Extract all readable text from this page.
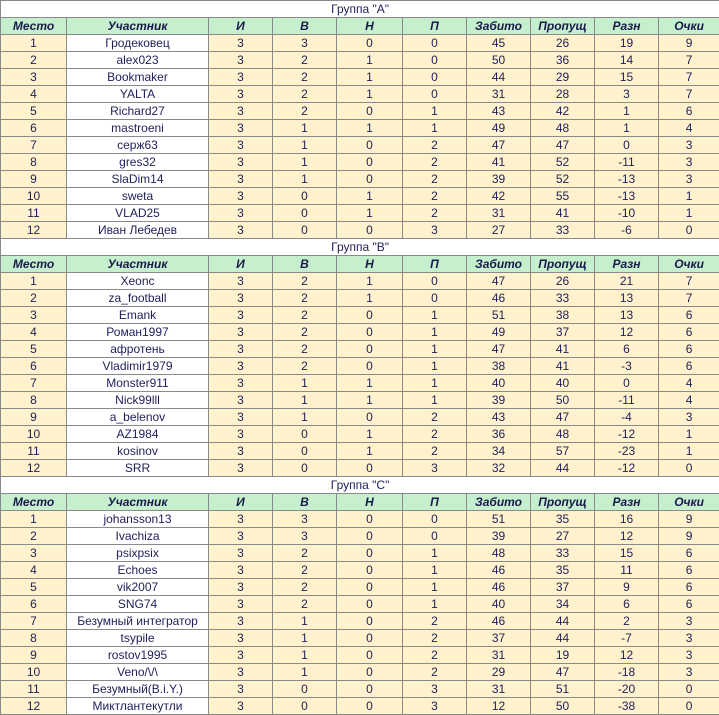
Группа "A"									
Место	Участник	И	В	Н	П	Забито	Пропущ	Разн	Очки
1	Гродековец	3	3	0	0	45	26	19	9
2	alex023	3	2	1	0	50	36	14	7
3	Bookmaker	3	2	1	0	44	29	15	7
4	YALTA	3	2	1	0	31	28	3	7
5	Richard27	3	2	0	1	43	42	1	6
6	mastroeni	3	1	1	1	49	48	1	4
7	серж63	3	1	0	2	47	47	0	3
8	gres32	3	1	0	2	41	52	-11	3
9	SlaDim14	3	1	0	2	39	52	-13	3
10	sweta	3	0	1	2	42	55	-13	1
11	VLAD25	3	0	1	2	31	41	-10	1
12	Иван Лебедев	3	0	0	3	27	33	-6	0
Группа "B"									
Место	Участник	И	В	Н	П	Забито	Пропущ	Разн	Очки
1	Xeonc	3	2	1	0	47	26	21	7
2	za_football	3	2	1	0	46	33	13	7
3	Emank	3	2	0	1	51	38	13	6
4	Роман1997	3	2	0	1	49	37	12	6
5	афротень	3	2	0	1	47	41	6	6
6	Vladimir1979	3	2	0	1	38	41	-3	6
7	Monster911	3	1	1	1	40	40	0	4
8	Nick99lll	3	1	1	1	39	50	-11	4
9	a_belenov	3	1	0	2	43	47	-4	3
10	AZ1984	3	0	1	2	36	48	-12	1
11	kosinov	3	0	1	2	34	57	-23	1
12	SRR	3	0	0	3	32	44	-12	0
Группа "C"									
Место	Участник	И	В	Н	П	Забито	Пропущ	Разн	Очки
1	johansson13	3	3	0	0	51	35	16	9
2	Ivachiza	3	3	0	0	39	27	12	9
3	psixpsix	3	2	0	1	48	33	15	6
4	Echoes	3	2	0	1	46	35	11	6
5	vik2007	3	2	0	1	46	37	9	6
6	SNG74	3	2	0	1	40	34	6	6
7	Безумный интегратор	3	1	0	2	46	44	2	3
8	tsypile	3	1	0	2	37	44	-7	3
9	rostov1995	3	1	0	2	31	19	12	3
10	Veno/\/\	3	1	0	2	29	47	-18	3
11	Безумный(B.i.Y.)	3	0	0	3	31	51	-20	0
12	Миктлантекутли	3	0	0	3	12	50	-38	0
